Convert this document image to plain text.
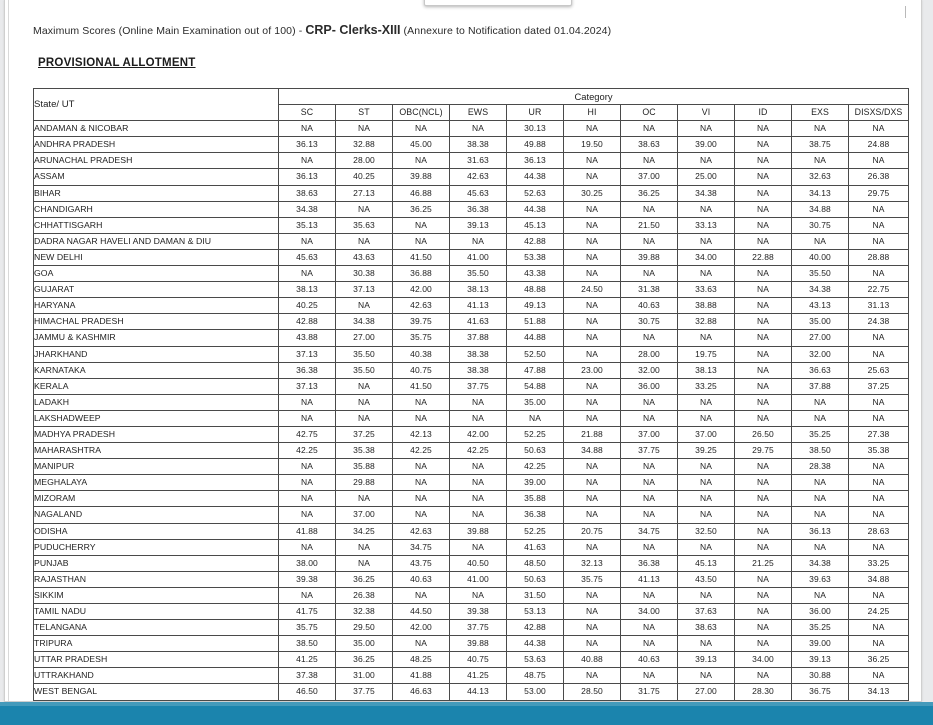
Maximum Scores (Online Main Examination out of 100) - CRP- Clerks-XIII (Annexure to Notification dated 01.04.2024)
PROVISIONAL ALLOTMENT
State/ UT	Category										
	SC	ST	OBC(NCL)	EWS	UR	HI	OC	VI	ID	EXS	DISXS/DXS
ANDAMAN & NICOBAR	NA	NA	NA	NA	30.13	NA	NA	NA	NA	NA	NA
ANDHRA PRADESH	36.13	32.88	45.00	38.38	49.88	19.50	38.63	39.00	NA	38.75	24.88
ARUNACHAL PRADESH	NA	28.00	NA	31.63	36.13	NA	NA	NA	NA	NA	NA
ASSAM	36.13	40.25	39.88	42.63	44.38	NA	37.00	25.00	NA	32.63	26.38
BIHAR	38.63	27.13	46.88	45.63	52.63	30.25	36.25	34.38	NA	34.13	29.75
CHANDIGARH	34.38	NA	36.25	36.38	44.38	NA	NA	NA	NA	34.88	NA
CHHATTISGARH	35.13	35.63	NA	39.13	45.13	NA	21.50	33.13	NA	30.75	NA
DADRA NAGAR HAVELI AND DAMAN & DIU	NA	NA	NA	NA	42.88	NA	NA	NA	NA	NA	NA
NEW DELHI	45.63	43.63	41.50	41.00	53.38	NA	39.88	34.00	22.88	40.00	28.88
GOA	NA	30.38	36.88	35.50	43.38	NA	NA	NA	NA	35.50	NA
GUJARAT	38.13	37.13	42.00	38.13	48.88	24.50	31.38	33.63	NA	34.38	22.75
HARYANA	40.25	NA	42.63	41.13	49.13	NA	40.63	38.88	NA	43.13	31.13
HIMACHAL PRADESH	42.88	34.38	39.75	41.63	51.88	NA	30.75	32.88	NA	35.00	24.38
JAMMU & KASHMIR	43.88	27.00	35.75	37.88	44.88	NA	NA	NA	NA	27.00	NA
JHARKHAND	37.13	35.50	40.38	38.38	52.50	NA	28.00	19.75	NA	32.00	NA
KARNATAKA	36.38	35.50	40.75	38.38	47.88	23.00	32.00	38.13	NA	36.63	25.63
KERALA	37.13	NA	41.50	37.75	54.88	NA	36.00	33.25	NA	37.88	37.25
LADAKH	NA	NA	NA	NA	35.00	NA	NA	NA	NA	NA	NA
LAKSHADWEEP	NA	NA	NA	NA	NA	NA	NA	NA	NA	NA	NA
MADHYA PRADESH	42.75	37.25	42.13	42.00	52.25	21.88	37.00	37.00	26.50	35.25	27.38
MAHARASHTRA	42.25	35.38	42.25	42.25	50.63	34.88	37.75	39.25	29.75	38.50	35.38
MANIPUR	NA	35.88	NA	NA	42.25	NA	NA	NA	NA	28.38	NA
MEGHALAYA	NA	29.88	NA	NA	39.00	NA	NA	NA	NA	NA	NA
MIZORAM	NA	NA	NA	NA	35.88	NA	NA	NA	NA	NA	NA
NAGALAND	NA	37.00	NA	NA	36.38	NA	NA	NA	NA	NA	NA
ODISHA	41.88	34.25	42.63	39.88	52.25	20.75	34.75	32.50	NA	36.13	28.63
PUDUCHERRY	NA	NA	34.75	NA	41.63	NA	NA	NA	NA	NA	NA
PUNJAB	38.00	NA	43.75	40.50	48.50	32.13	36.38	45.13	21.25	34.38	33.25
RAJASTHAN	39.38	36.25	40.63	41.00	50.63	35.75	41.13	43.50	NA	39.63	34.88
SIKKIM	NA	26.38	NA	NA	31.50	NA	NA	NA	NA	NA	NA
TAMIL NADU	41.75	32.38	44.50	39.38	53.13	NA	34.00	37.63	NA	36.00	24.25
TELANGANA	35.75	29.50	42.00	37.75	42.88	NA	NA	38.63	NA	35.25	NA
TRIPURA	38.50	35.00	NA	39.88	44.38	NA	NA	NA	NA	39.00	NA
UTTAR PRADESH	41.25	36.25	48.25	40.75	53.63	40.88	40.63	39.13	34.00	39.13	36.25
UTTRAKHAND	37.38	31.00	41.88	41.25	48.75	NA	NA	NA	NA	30.88	NA
WEST BENGAL	46.50	37.75	46.63	44.13	53.00	28.50	31.75	27.00	28.30	36.75	34.13
